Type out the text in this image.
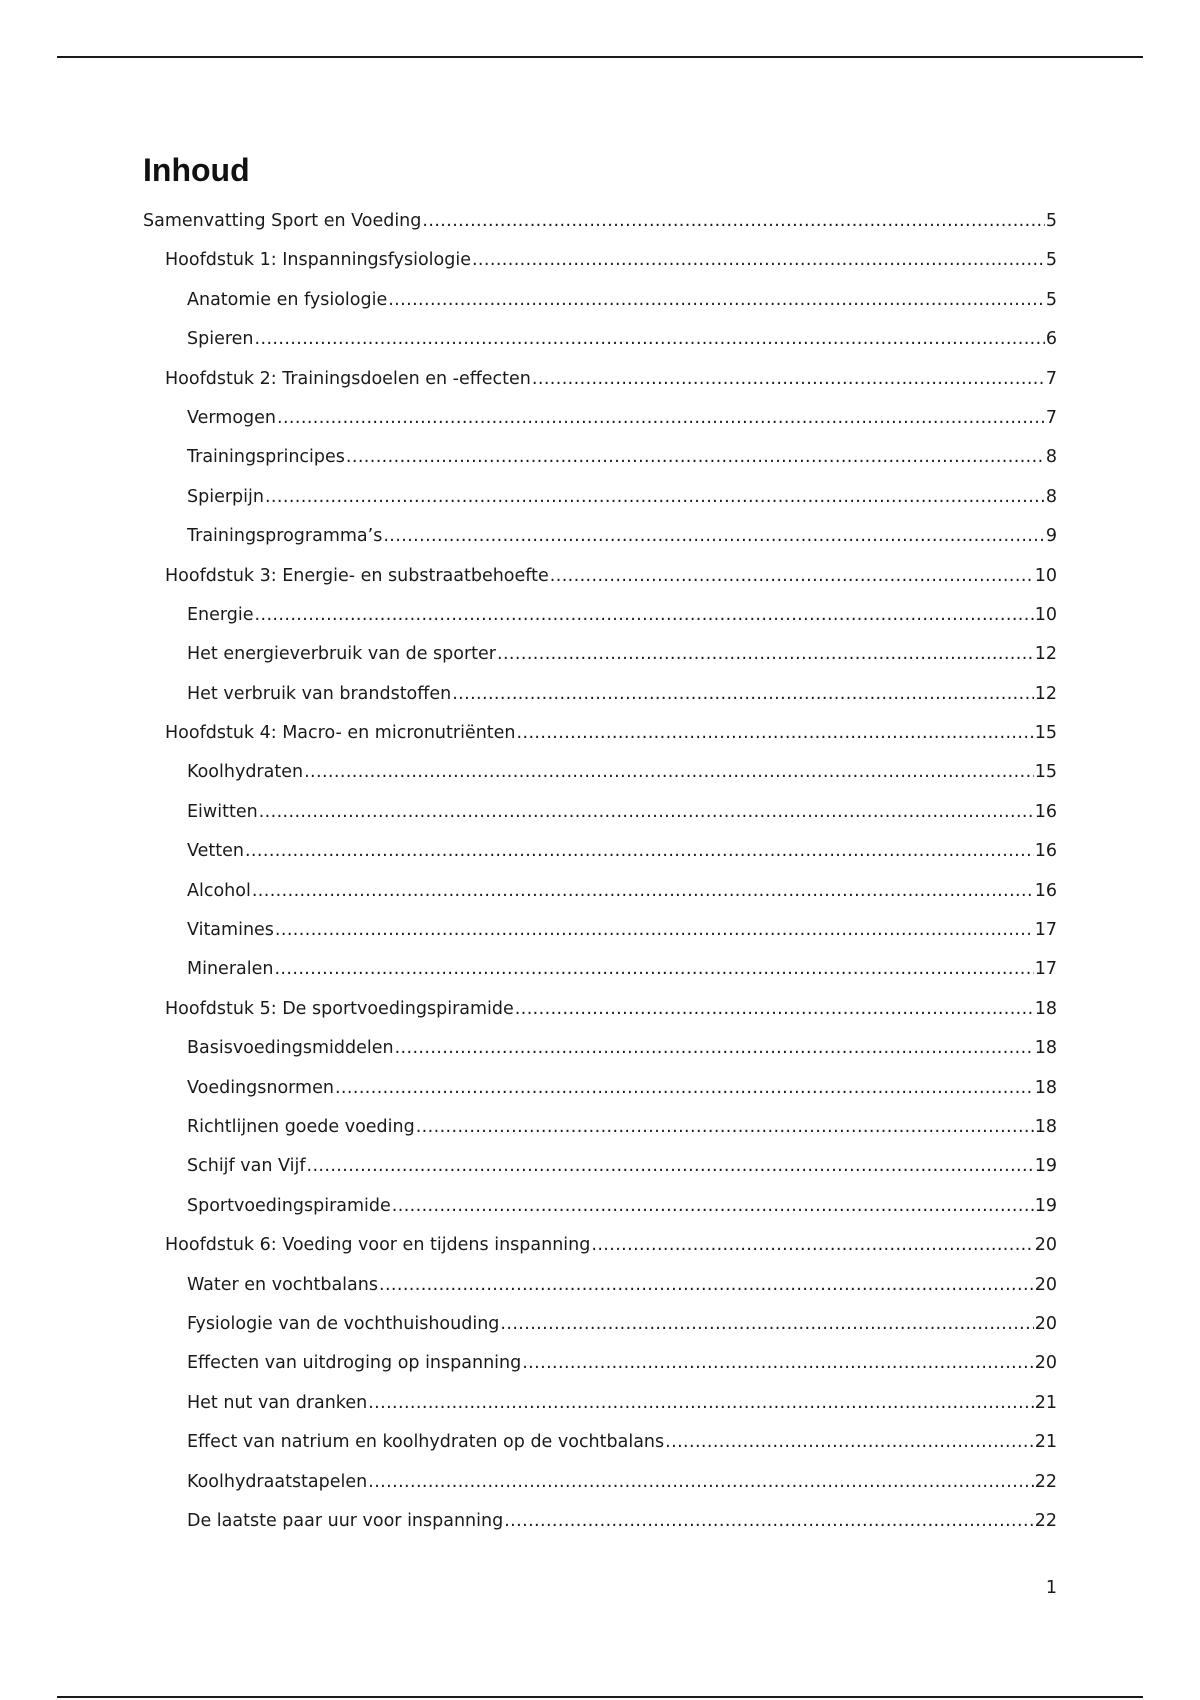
Inhoud
Samenvatting Sport en Voeding .....	5
Hoofdstuk 1: Inspanningsfysiologie .....	5
Anatomie en fysiologie .....	5
Spieren .....	6
Hoofdstuk 2: Trainingsdoelen en -effecten .....	7
Vermogen .....	7
Trainingsprincipes .....	8
Spierpijn .....	8
Trainingsprogramma’s .....	9
Hoofdstuk 3: Energie- en substraatbehoefte .....	10
Energie .....	10
Het energieverbruik van de sporter .....	12
Het verbruik van brandstoffen .....	12
Hoofdstuk 4: Macro- en micronutriënten .....	15
Koolhydraten .....	15
Eiwitten .....	16
Vetten .....	16
Alcohol .....	16
Vitamines .....	17
Mineralen .....	17
Hoofdstuk 5: De sportvoedingspiramide .....	18
Basisvoedingsmiddelen .....	18
Voedingsnormen .....	18
Richtlijnen goede voeding .....	18
Schijf van Vijf .....	19
Sportvoedingspiramide .....	19
Hoofdstuk 6: Voeding voor en tijdens inspanning .....	20
Water en vochtbalans .....	20
Fysiologie van de vochthuishouding .....	20
Effecten van uitdroging op inspanning .....	20
Het nut van dranken .....	21
Effect van natrium en koolhydraten op de vochtbalans .....	21
Koolhydraatstapelen .....	22
De laatste paar uur voor inspanning .....	22
1
